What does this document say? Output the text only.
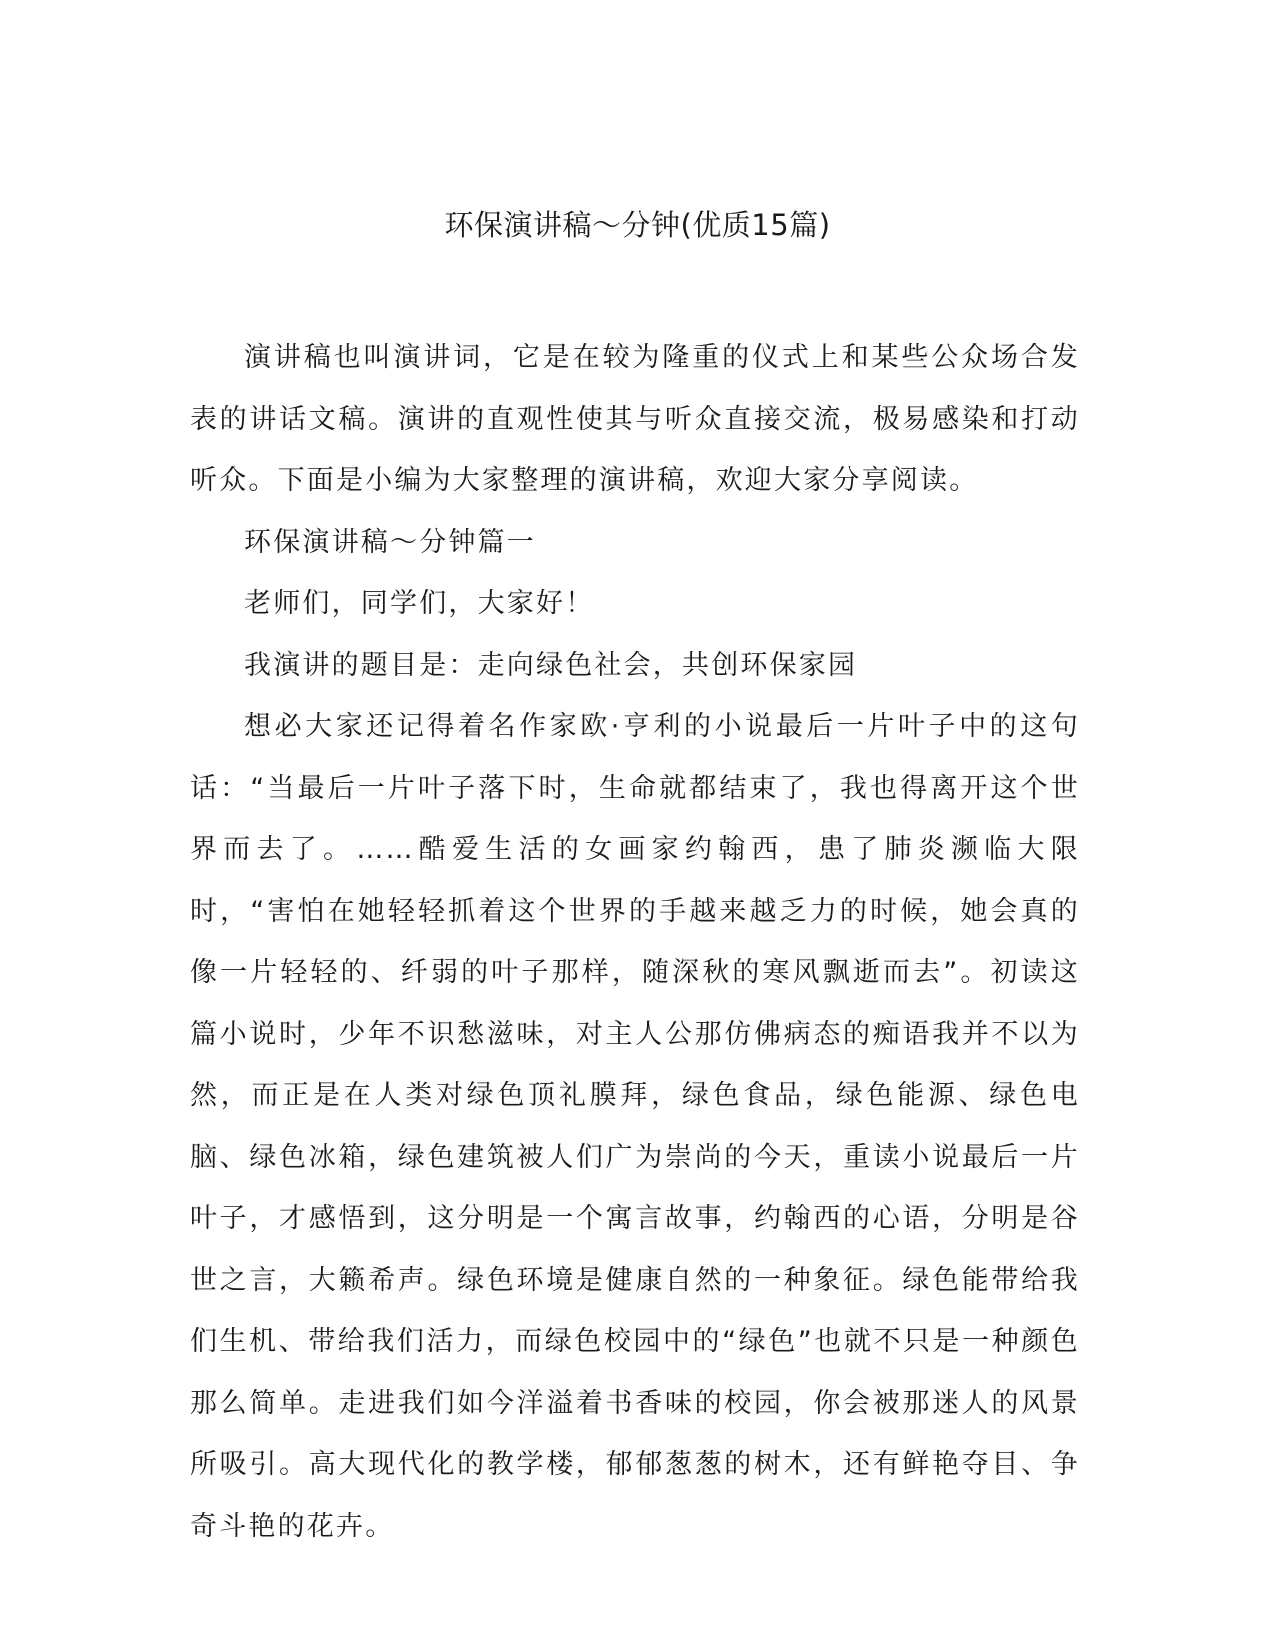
环保演讲稿～分钟(优质15篇)

演讲稿也叫演讲词，它是在较为隆重的仪式上和某些公众场合发表的讲话文稿。演讲的直观性使其与听众直接交流，极易感染和打动听众。下面是小编为大家整理的演讲稿，欢迎大家分享阅读。

环保演讲稿～分钟篇一

老师们，同学们，大家好！

我演讲的题目是：走向绿色社会，共创环保家园

想必大家还记得着名作家欧·亨利的小说最后一片叶子中的这句话：“当最后一片叶子落下时，生命就都结束了，我也得离开这个世界而去了。……酷爱生活的女画家约翰西，患了肺炎濒临大限时，“害怕在她轻轻抓着这个世界的手越来越乏力的时候，她会真的像一片轻轻的、纤弱的叶子那样，随深秋的寒风飘逝而去”。初读这篇小说时，少年不识愁滋味，对主人公那仿佛病态的痴语我并不以为然，而正是在人类对绿色顶礼膜拜，绿色食品，绿色能源、绿色电脑、绿色冰箱，绿色建筑被人们广为崇尚的今天，重读小说最后一片叶子，才感悟到，这分明是一个寓言故事，约翰西的心语，分明是谷世之言，大籁希声。绿色环境是健康自然的一种象征。绿色能带给我们生机、带给我们活力，而绿色校园中的“绿色”也就不只是一种颜色那么简单。走进我们如今洋溢着书香味的校园，你会被那迷人的风景所吸引。高大现代化的教学楼，郁郁葱葱的树木，还有鲜艳夺目、争奇斗艳的花卉。
